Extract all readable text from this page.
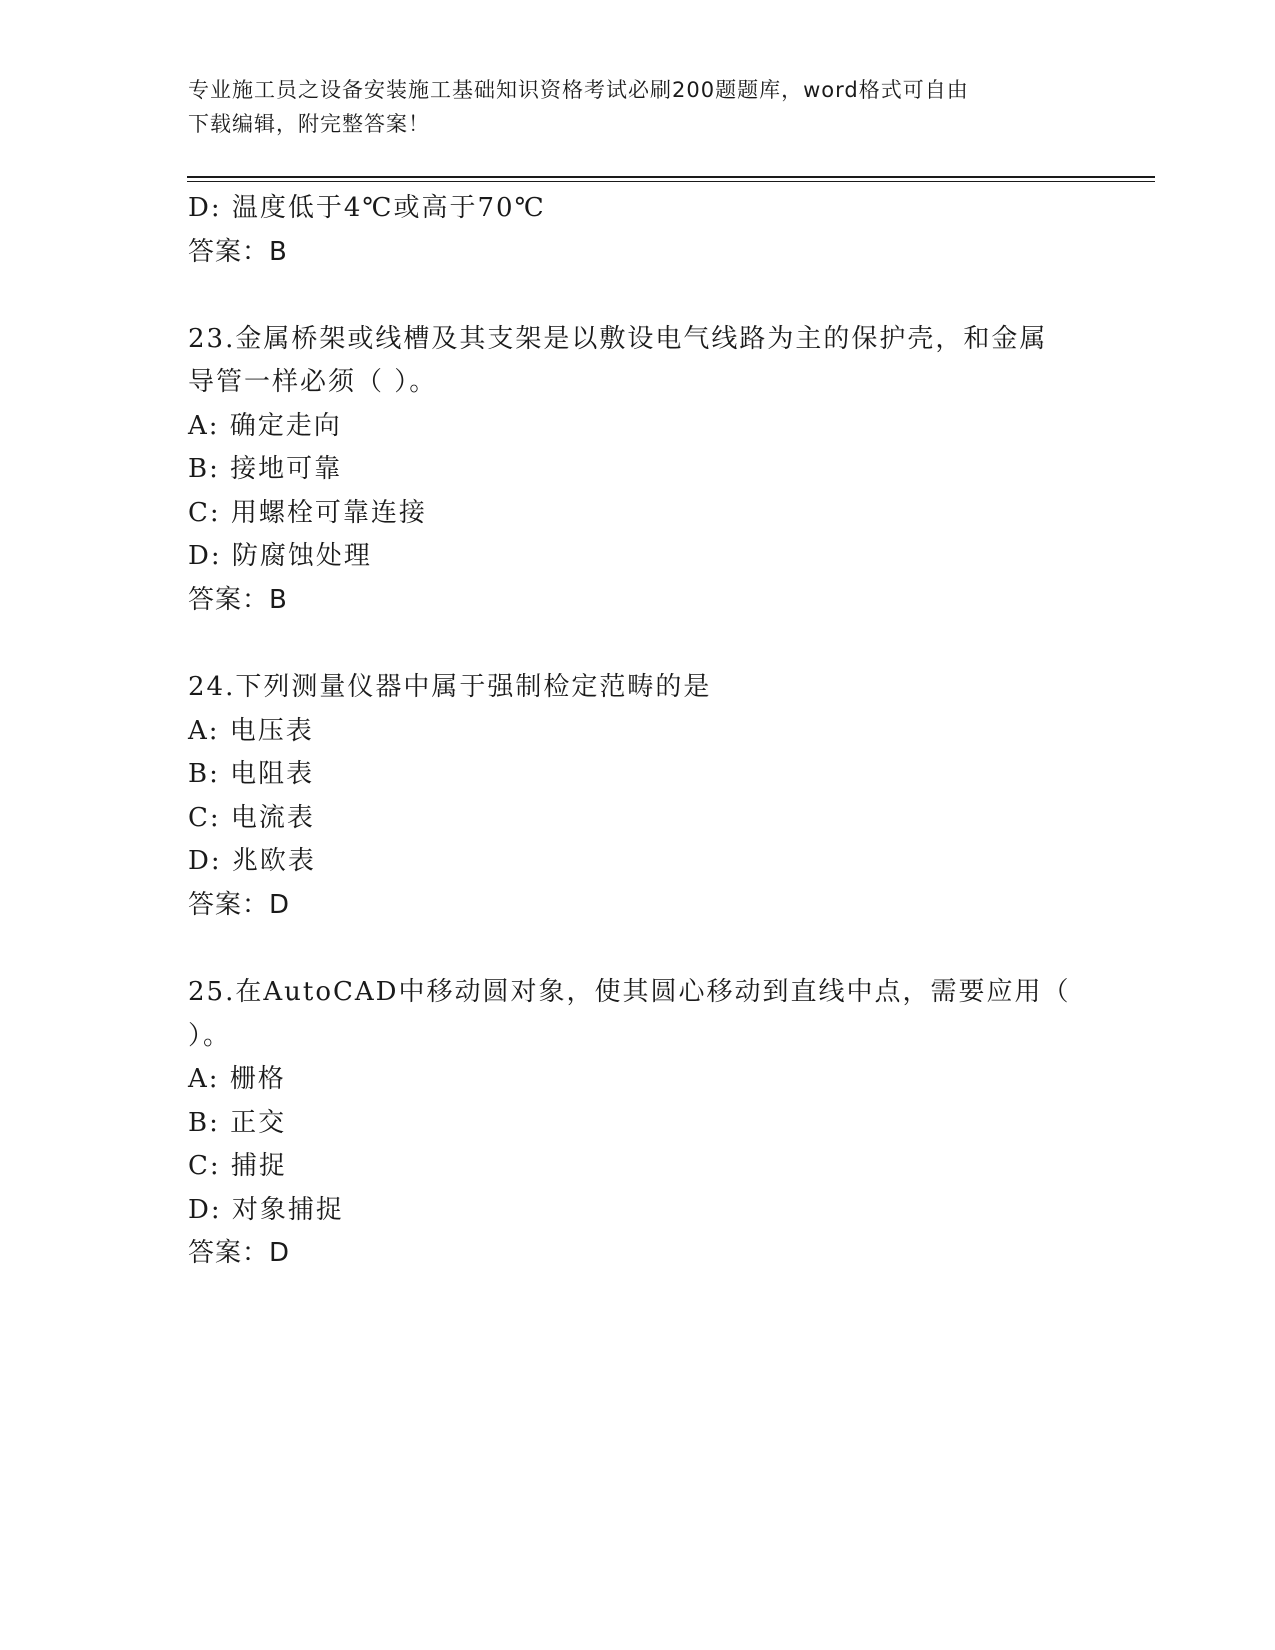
专业施工员之设备安装施工基础知识资格考试必刷200题题库，word格式可自由
下载编辑，附完整答案！
D: 温度低于4℃或高于70℃
答案：B
23.金属桥架或线槽及其支架是以敷设电气线路为主的保护壳，和金属
导管一样必须（ ）。
A: 确定走向
B: 接地可靠
C: 用螺栓可靠连接
D: 防腐蚀处理
答案：B
24.下列测量仪器中属于强制检定范畴的是
A: 电压表
B: 电阻表
C: 电流表
D: 兆欧表
答案：D
25.在AutoCAD中移动圆对象，使其圆心移动到直线中点，需要应用（
）。
A: 栅格
B: 正交
C: 捕捉
D: 对象捕捉
答案：D
